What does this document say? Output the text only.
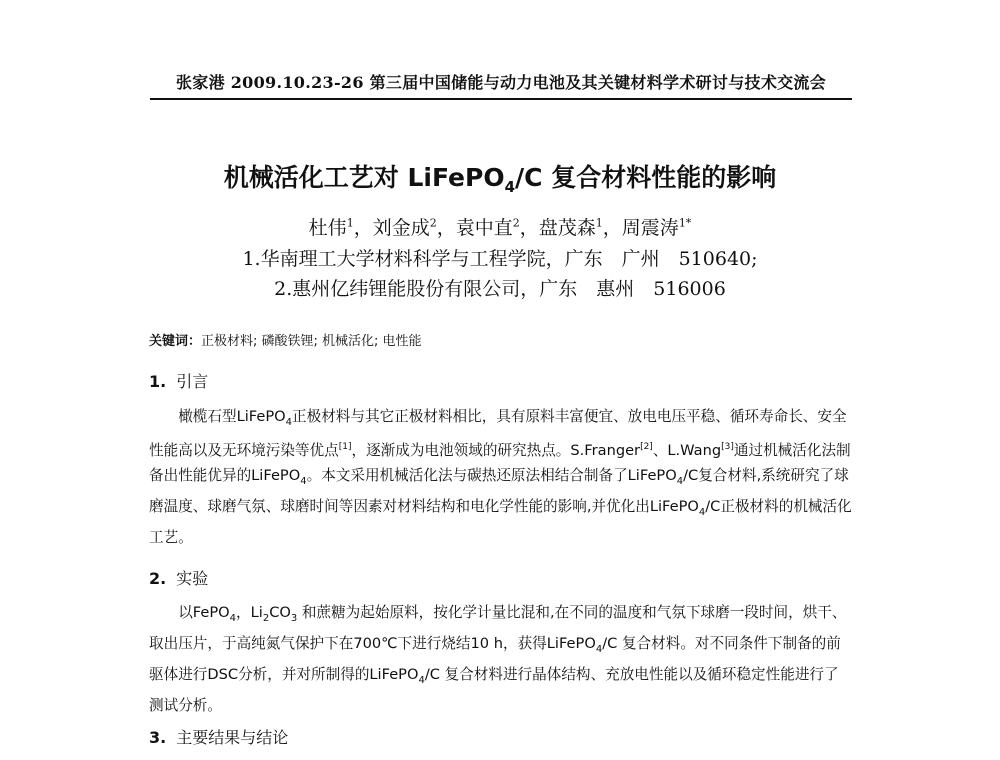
张家港 2009.10.23-26 第三届中国储能与动力电池及其关键材料学术研讨与技术交流会
机械活化工艺对 LiFePO$_4$/C 复合材料性能的影响
杜伟$^1$，刘金成$^2$，袁中直$^2$，盘茂森$^1$，周震涛$^{1*}$
1.华南理工大学材料科学与工程学院，广东　广州　510640;
2.惠州亿纬锂能股份有限公司，广东　惠州　516006
关键词：正极材料; 磷酸铁锂; 机械活化; 电性能
1. 引言
橄榄石型LiFePO$_4$正极材料与其它正极材料相比，具有原料丰富便宜、放电电压平稳、循环寿命长、安全性能高以及无环境污染等优点[1]，逐渐成为电池领域的研究热点。S.Franger[2]、L.Wang[3]通过机械活化法制备出性能优异的LiFePO$_4$。本文采用机械活化法与碳热还原法相结合制备了LiFePO$_4$/C复合材料,系统研究了球磨温度、球磨气氛、球磨时间等因素对材料结构和电化学性能的影响,并优化出LiFePO$_4$/C正极材料的机械活化工艺。
2. 实验
以FePO$_4$，$Li_2CO_3$ 和蔗糖为起始原料，按化学计量比混和,在不同的温度和气氛下球磨一段时间，烘干、取出压片，于高纯氮气保护下在700℃下进行烧结10 h，获得LiFePO$_4$/C 复合材料。对不同条件下制备的前驱体进行DSC分析，并对所制得的LiFePO$_4$/C 复合材料进行晶体结构、充放电性能以及循环稳定性能进行了测试分析。
3. 主要结果与结论
